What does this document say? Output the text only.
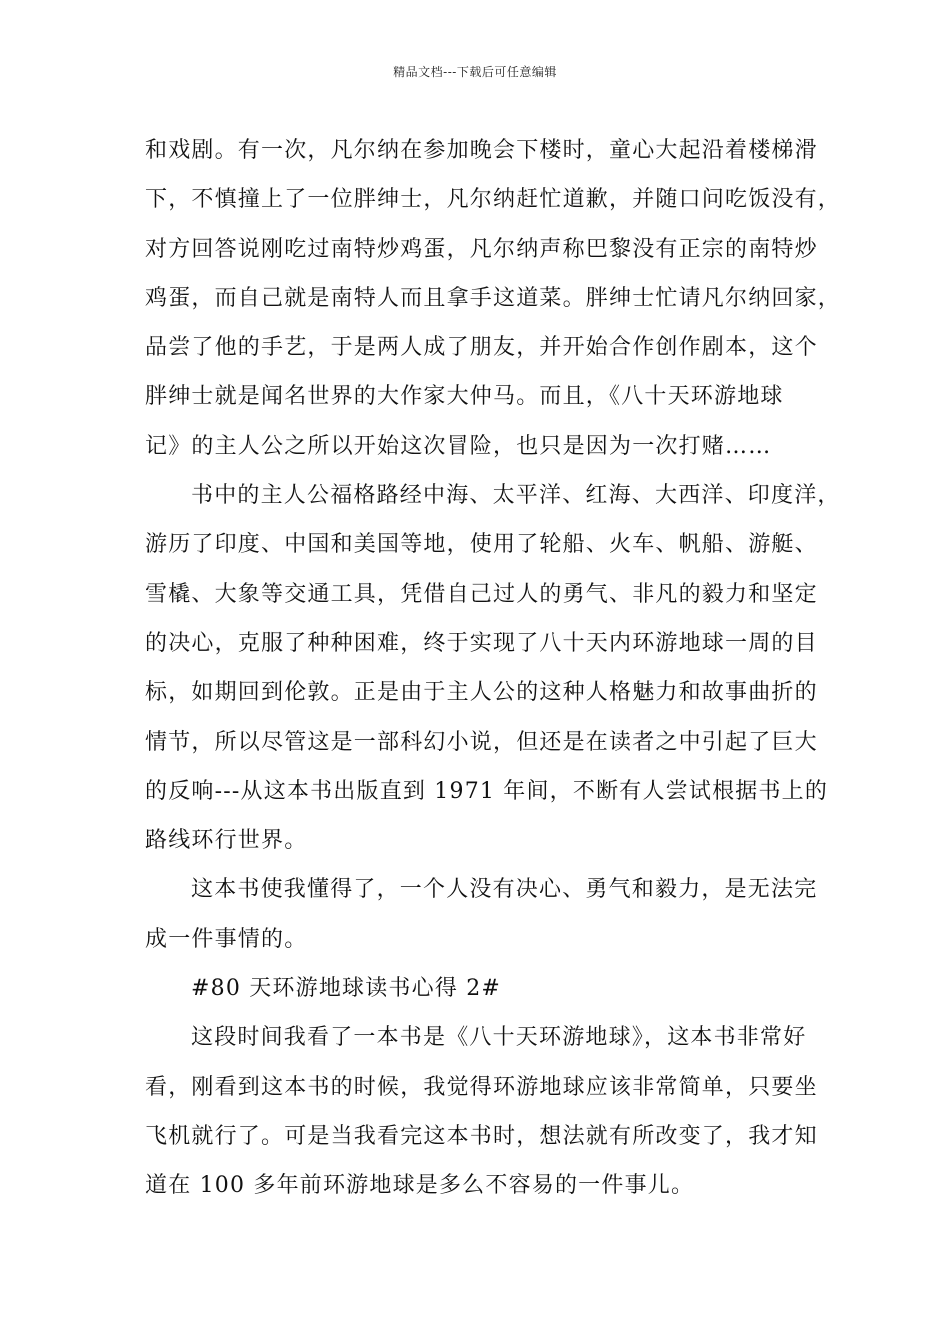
精品文档---下载后可任意编辑
和戏剧。有一次，凡尔纳在参加晚会下楼时，童心大起沿着楼梯滑
下，不慎撞上了一位胖绅士，凡尔纳赶忙道歉，并随口问吃饭没有，
对方回答说刚吃过南特炒鸡蛋，凡尔纳声称巴黎没有正宗的南特炒
鸡蛋，而自己就是南特人而且拿手这道菜。胖绅士忙请凡尔纳回家，
品尝了他的手艺，于是两人成了朋友，并开始合作创作剧本，这个
胖绅士就是闻名世界的大作家大仲马。而且，《八十天环游地球
记》的主人公之所以开始这次冒险，也只是因为一次打赌……
书中的主人公福格路经中海、太平洋、红海、大西洋、印度洋，
游历了印度、中国和美国等地，使用了轮船、火车、帆船、游艇、
雪橇、大象等交通工具，凭借自己过人的勇气、非凡的毅力和坚定
的决心，克服了种种困难，终于实现了八十天内环游地球一周的目
标，如期回到伦敦。正是由于主人公的这种人格魅力和故事曲折的
情节，所以尽管这是一部科幻小说，但还是在读者之中引起了巨大
的反响---从这本书出版直到 1971 年间，不断有人尝试根据书上的
路线环行世界。
这本书使我懂得了，一个人没有决心、勇气和毅力，是无法完
成一件事情的。
#80 天环游地球读书心得 2#
这段时间我看了一本书是《八十天环游地球》，这本书非常好
看，刚看到这本书的时候，我觉得环游地球应该非常简单，只要坐
飞机就行了。可是当我看完这本书时，想法就有所改变了，我才知
道在 100 多年前环游地球是多么不容易的一件事儿。
